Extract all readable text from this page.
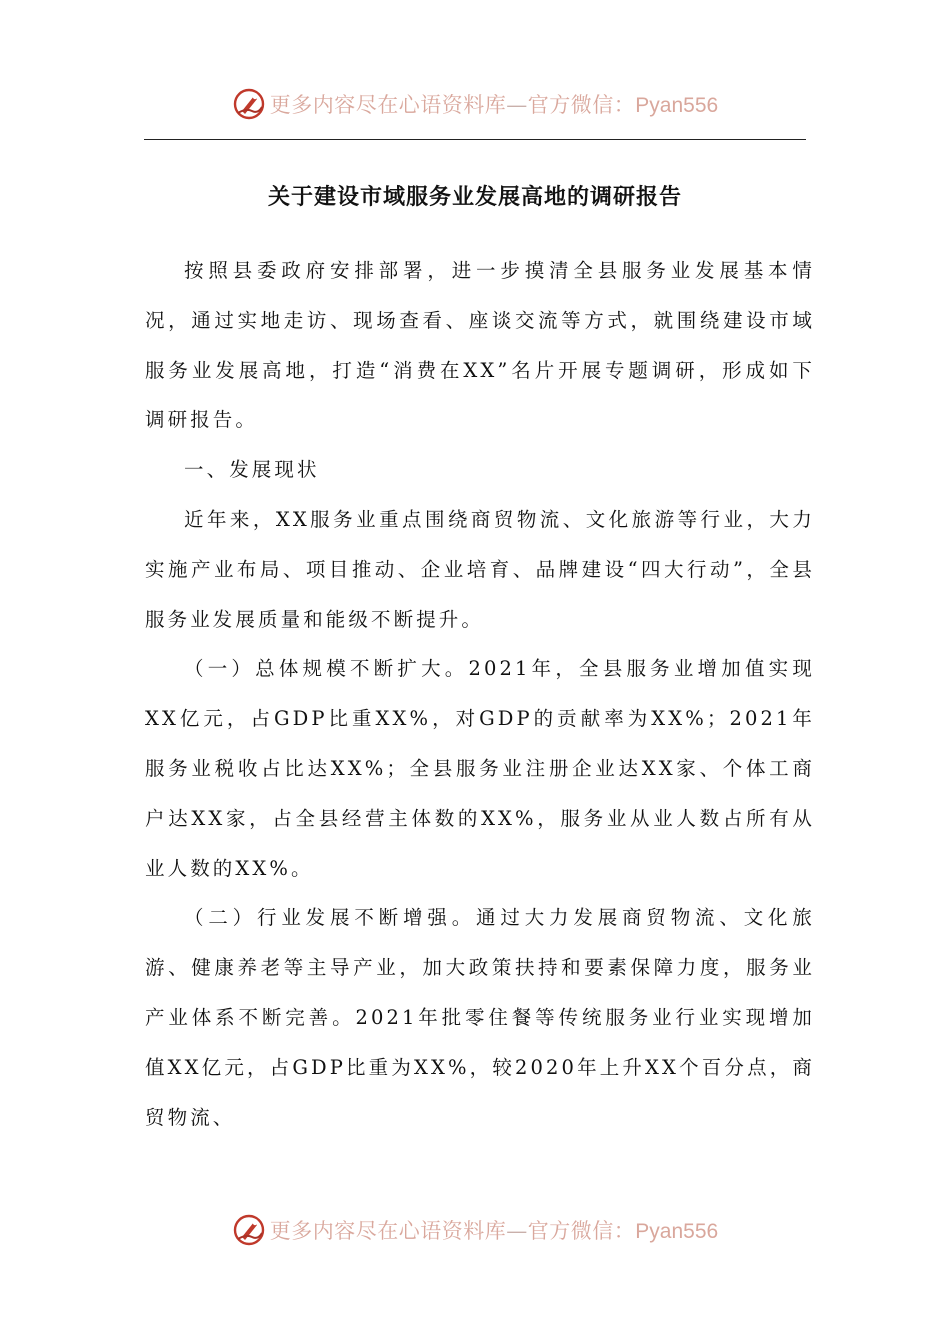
更多内容尽在心语资料库—官方微信：Pyan556
关于建设市域服务业发展高地的调研报告

按照县委政府安排部署，进一步摸清全县服务业发展基本情况，通过实地走访、现场查看、座谈交流等方式，就围绕建设市域服务业发展高地，打造“消费在XX”名片开展专题调研，形成如下调研报告。

一、发展现状

近年来，XX服务业重点围绕商贸物流、文化旅游等行业，大力实施产业布局、项目推动、企业培育、品牌建设“四大行动”，全县服务业发展质量和能级不断提升。

（一）总体规模不断扩大。2021年，全县服务业增加值实现XX亿元，占GDP比重XX%，对GDP的贡献率为XX%；2021年服务业税收占比达XX%；全县服务业注册企业达XX家、个体工商户达XX家，占全县经营主体数的XX%，服务业从业人数占所有从业人数的XX%。

（二）行业发展不断增强。通过大力发展商贸物流、文化旅游、健康养老等主导产业，加大政策扶持和要素保障力度，服务业产业体系不断完善。2021年批零住餐等传统服务业行业实现增加值XX亿元，占GDP比重为XX%，较2020年上升XX个百分点，商贸物流、

更多内容尽在心语资料库—官方微信：Pyan556
